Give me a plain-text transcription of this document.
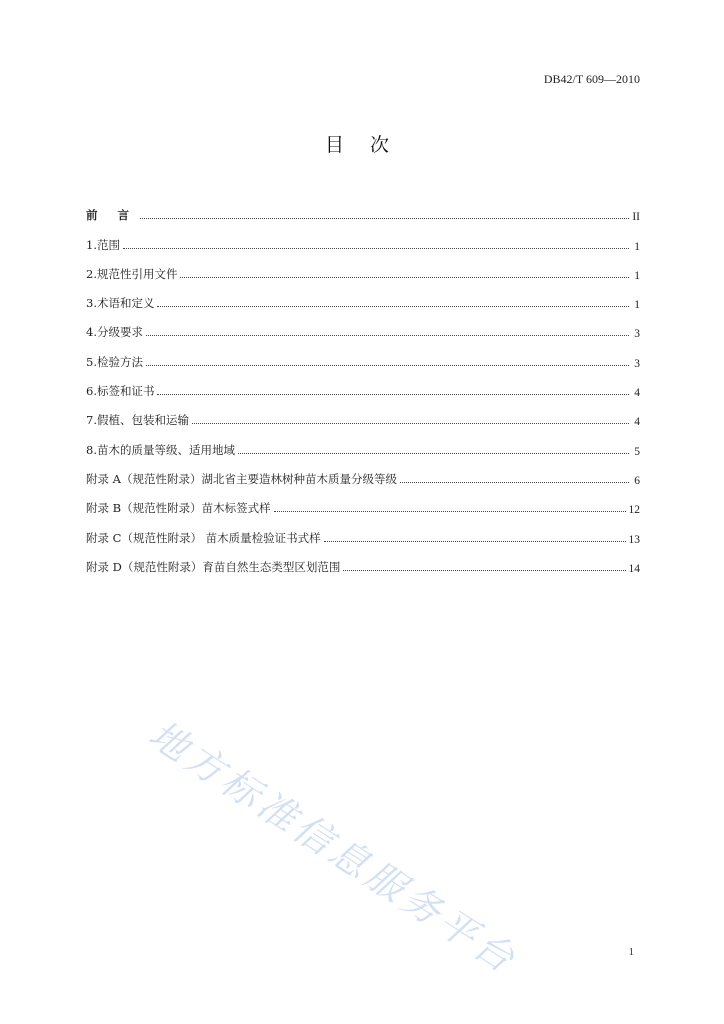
DB42/T 609—2010
目 次
前 言	II
1.范围	1
2.规范性引用文件	1
3.术语和定义	1
4.分级要求	3
5.检验方法	3
6.标签和证书	4
7.假植、包装和运输	4
8.苗木的质量等级、适用地域	5
附录 A（规范性附录）湖北省主要造林树种苗木质量分级等级	6
附录 B（规范性附录）苗木标签式样	12
附录 C（规范性附录） 苗木质量检验证书式样	13
附录 D（规范性附录）育苗自然生态类型区划范围	14
地方标准信息服务平台	1
